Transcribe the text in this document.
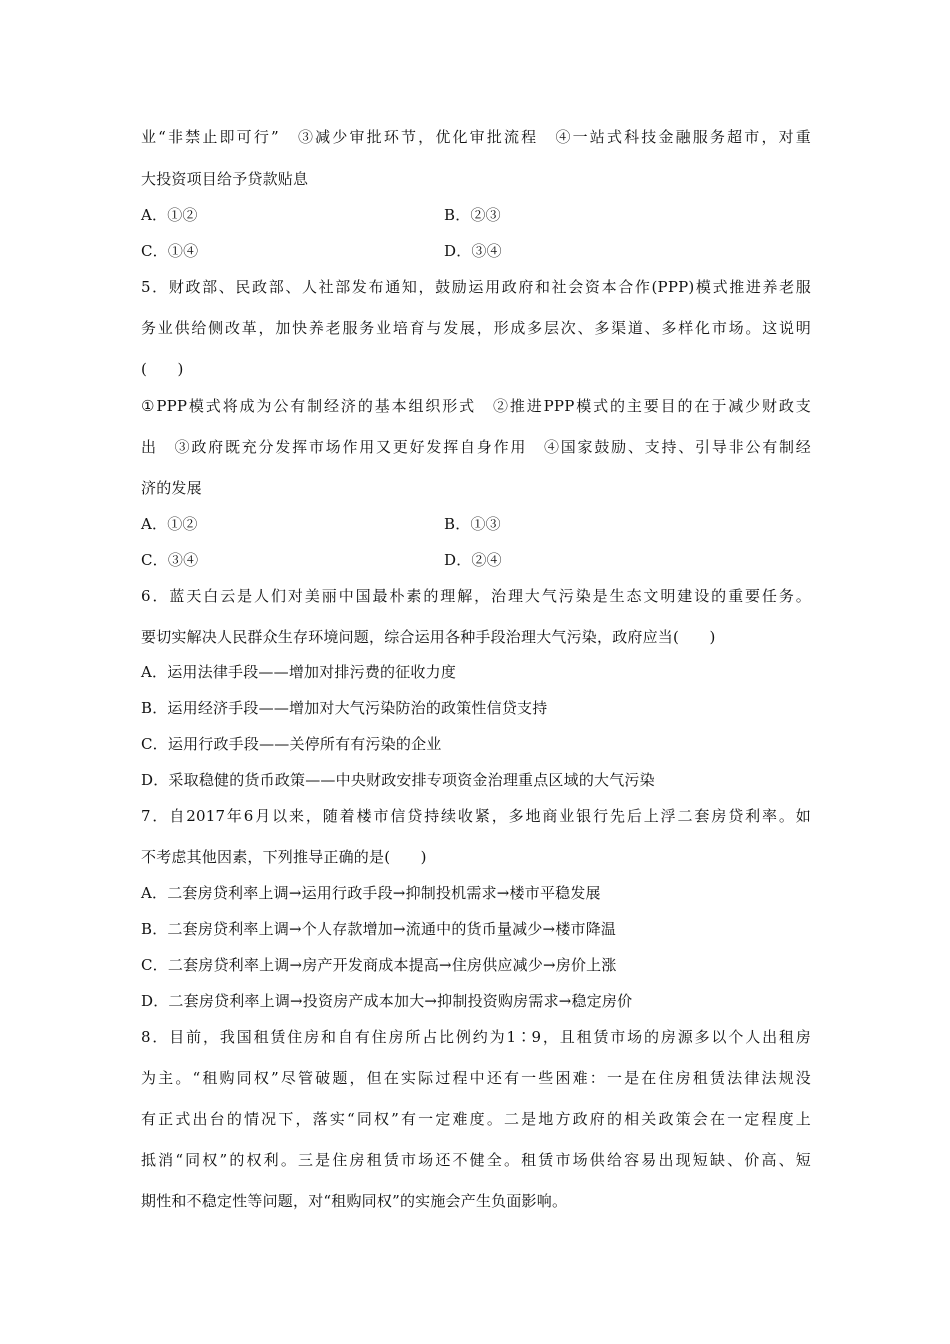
业“非禁止即可行”　③减少审批环节，优化审批流程　④一站式科技金融服务超市，对重
大投资项目给予贷款贴息
A．①②	B．②③
C．①④	D．③④
5．财政部、民政部、人社部发布通知，鼓励运用政府和社会资本合作(PPP)模式推进养老服
务业供给侧改革，加快养老服务业培育与发展，形成多层次、多渠道、多样化市场。这说明
(　　)
①PPP模式将成为公有制经济的基本组织形式　②推进PPP模式的主要目的在于减少财政支
出　③政府既充分发挥市场作用又更好发挥自身作用　④国家鼓励、支持、引导非公有制经
济的发展
A．①②	B．①③
C．③④	D．②④
6．蓝天白云是人们对美丽中国最朴素的理解，治理大气污染是生态文明建设的重要任务。
要切实解决人民群众生存环境问题，综合运用各种手段治理大气污染，政府应当(　　)
A．运用法律手段——增加对排污费的征收力度
B．运用经济手段——增加对大气污染防治的政策性信贷支持
C．运用行政手段——关停所有有污染的企业
D．采取稳健的货币政策——中央财政安排专项资金治理重点区域的大气污染
7．自2017年6月以来，随着楼市信贷持续收紧，多地商业银行先后上浮二套房贷利率。如
不考虑其他因素，下列推导正确的是(　　)
A．二套房贷利率上调→运用行政手段→抑制投机需求→楼市平稳发展
B．二套房贷利率上调→个人存款增加→流通中的货币量减少→楼市降温
C．二套房贷利率上调→房产开发商成本提高→住房供应减少→房价上涨
D．二套房贷利率上调→投资房产成本加大→抑制投资购房需求→稳定房价
8．目前，我国租赁住房和自有住房所占比例约为1∶9，且租赁市场的房源多以个人出租房
为主。“租购同权”尽管破题，但在实际过程中还有一些困难：一是在住房租赁法律法规没
有正式出台的情况下，落实“同权”有一定难度。二是地方政府的相关政策会在一定程度上
抵消“同权”的权利。三是住房租赁市场还不健全。租赁市场供给容易出现短缺、价高、短
期性和不稳定性等问题，对“租购同权”的实施会产生负面影响。
